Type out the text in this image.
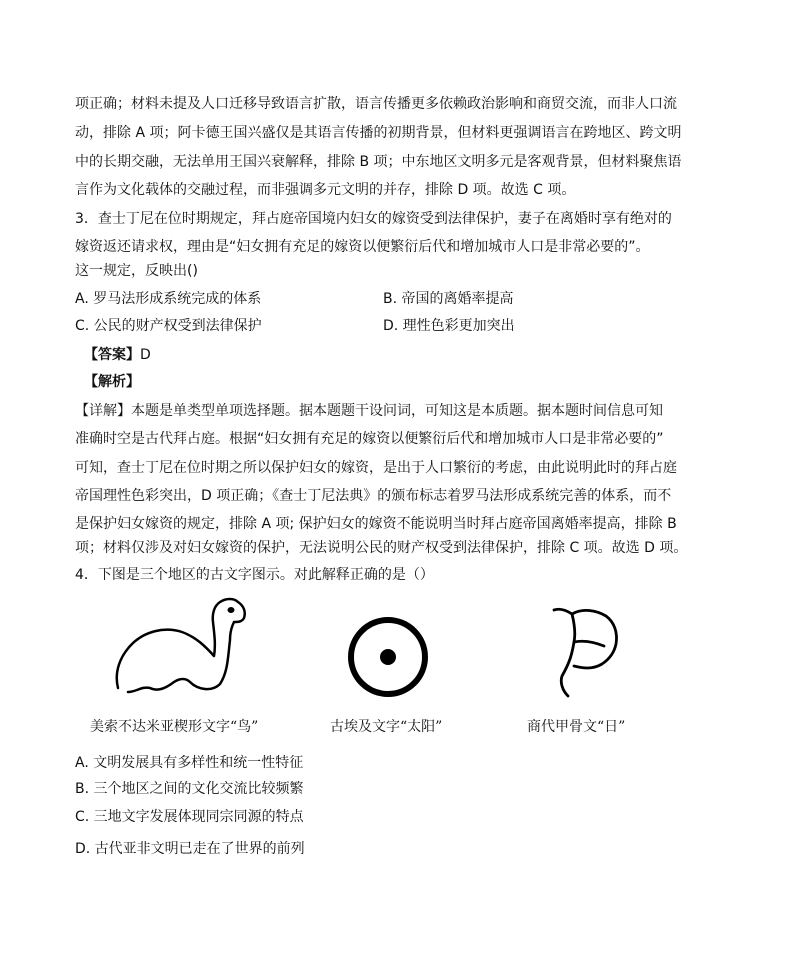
项正确；材料未提及人口迁移导致语言扩散，语言传播更多依赖政治影响和商贸交流，而非人口流
动，排除 A 项；阿卡德王国兴盛仅是其语言传播的初期背景，但材料更强调语言在跨地区、跨文明
中的长期交融，无法单用王国兴衰解释，排除 B 项；中东地区文明多元是客观背景，但材料聚焦语
言作为文化载体的交融过程，而非强调多元文明的并存，排除 D 项。故选 C 项。
3．查士丁尼在位时期规定，拜占庭帝国境内妇女的嫁资受到法律保护，妻子在离婚时享有绝对的
嫁资返还请求权，理由是“妇女拥有充足的嫁资以便繁衍后代和增加城市人口是非常必要的”。
这一规定，反映出()
A. 罗马法形成系统完成的体系	B. 帝国的离婚率提高
C. 公民的财产权受到法律保护	D. 理性色彩更加突出
【答案】D
【解析】
【详解】本题是单类型单项选择题。据本题题干设问词，可知这是本质题。据本题时间信息可知
准确时空是古代拜占庭。根据“妇女拥有充足的嫁资以便繁衍后代和增加城市人口是非常必要的”
可知，查士丁尼在位时期之所以保护妇女的嫁资，是出于人口繁衍的考虑，由此说明此时的拜占庭
帝国理性色彩突出，D 项正确；《查士丁尼法典》的颁布标志着罗马法形成系统完善的体系，而不
是保护妇女嫁资的规定，排除 A 项; 保护妇女的嫁资不能说明当时拜占庭帝国离婚率提高，排除 B
项；材料仅涉及对妇女嫁资的保护，无法说明公民的财产权受到法律保护，排除 C 项。故选 D 项。
4．下图是三个地区的古文字图示。对此解释正确的是（）
美索不达米亚楔形文字“鸟”	古埃及文字“太阳”	商代甲骨文“日”
A. 文明发展具有多样性和统一性特征
B. 三个地区之间的文化交流比较频繁
C. 三地文字发展体现同宗同源的特点
D. 古代亚非文明已走在了世界的前列
